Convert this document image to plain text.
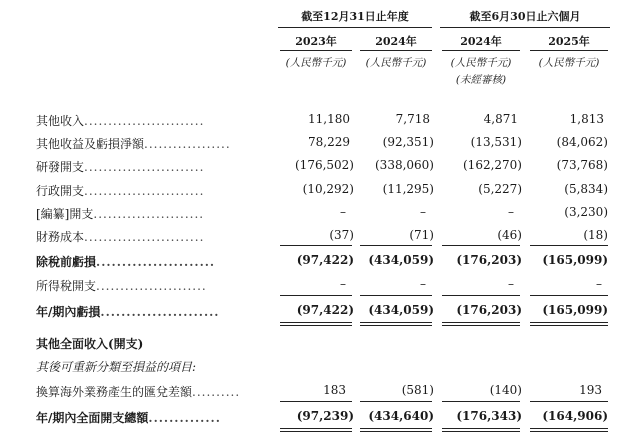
截至12月31日止年度	截至6月30日止六個月
2023年	2024年	2024年	2025年
(人民幣千元)	(人民幣千元)	(人民幣千元)	(人民幣千元)
(未經審核)
其他收入.........................	11,180	7,718	4,871	1,813
其他收益及虧損淨額..................	78,229	(92,351)	(13,531)	(84,062)
研發開支.........................	(176,502)	(338,060)	(162,270)	(73,768)
行政開支.........................	(10,292)	(11,295)	(5,227)	(5,834)
[編纂]開支.......................	–	–	–	(3,230)
財務成本.........................	(37)	(71)	(46)	(18)
除稅前虧損.......................	(97,422)	(434,059)	(176,203)	(165,099)
所得稅開支.......................	–	–	–	–
年/期內虧損.......................	(97,422)	(434,059)	(176,203)	(165,099)
其他全面收入(開支)
其後可重新分類至損益的項目:
換算海外業務產生的匯兌差額..........	183	(581)	(140)	193
年/期內全面開支總額..............	(97,239)	(434,640)	(176,343)	(164,906)
